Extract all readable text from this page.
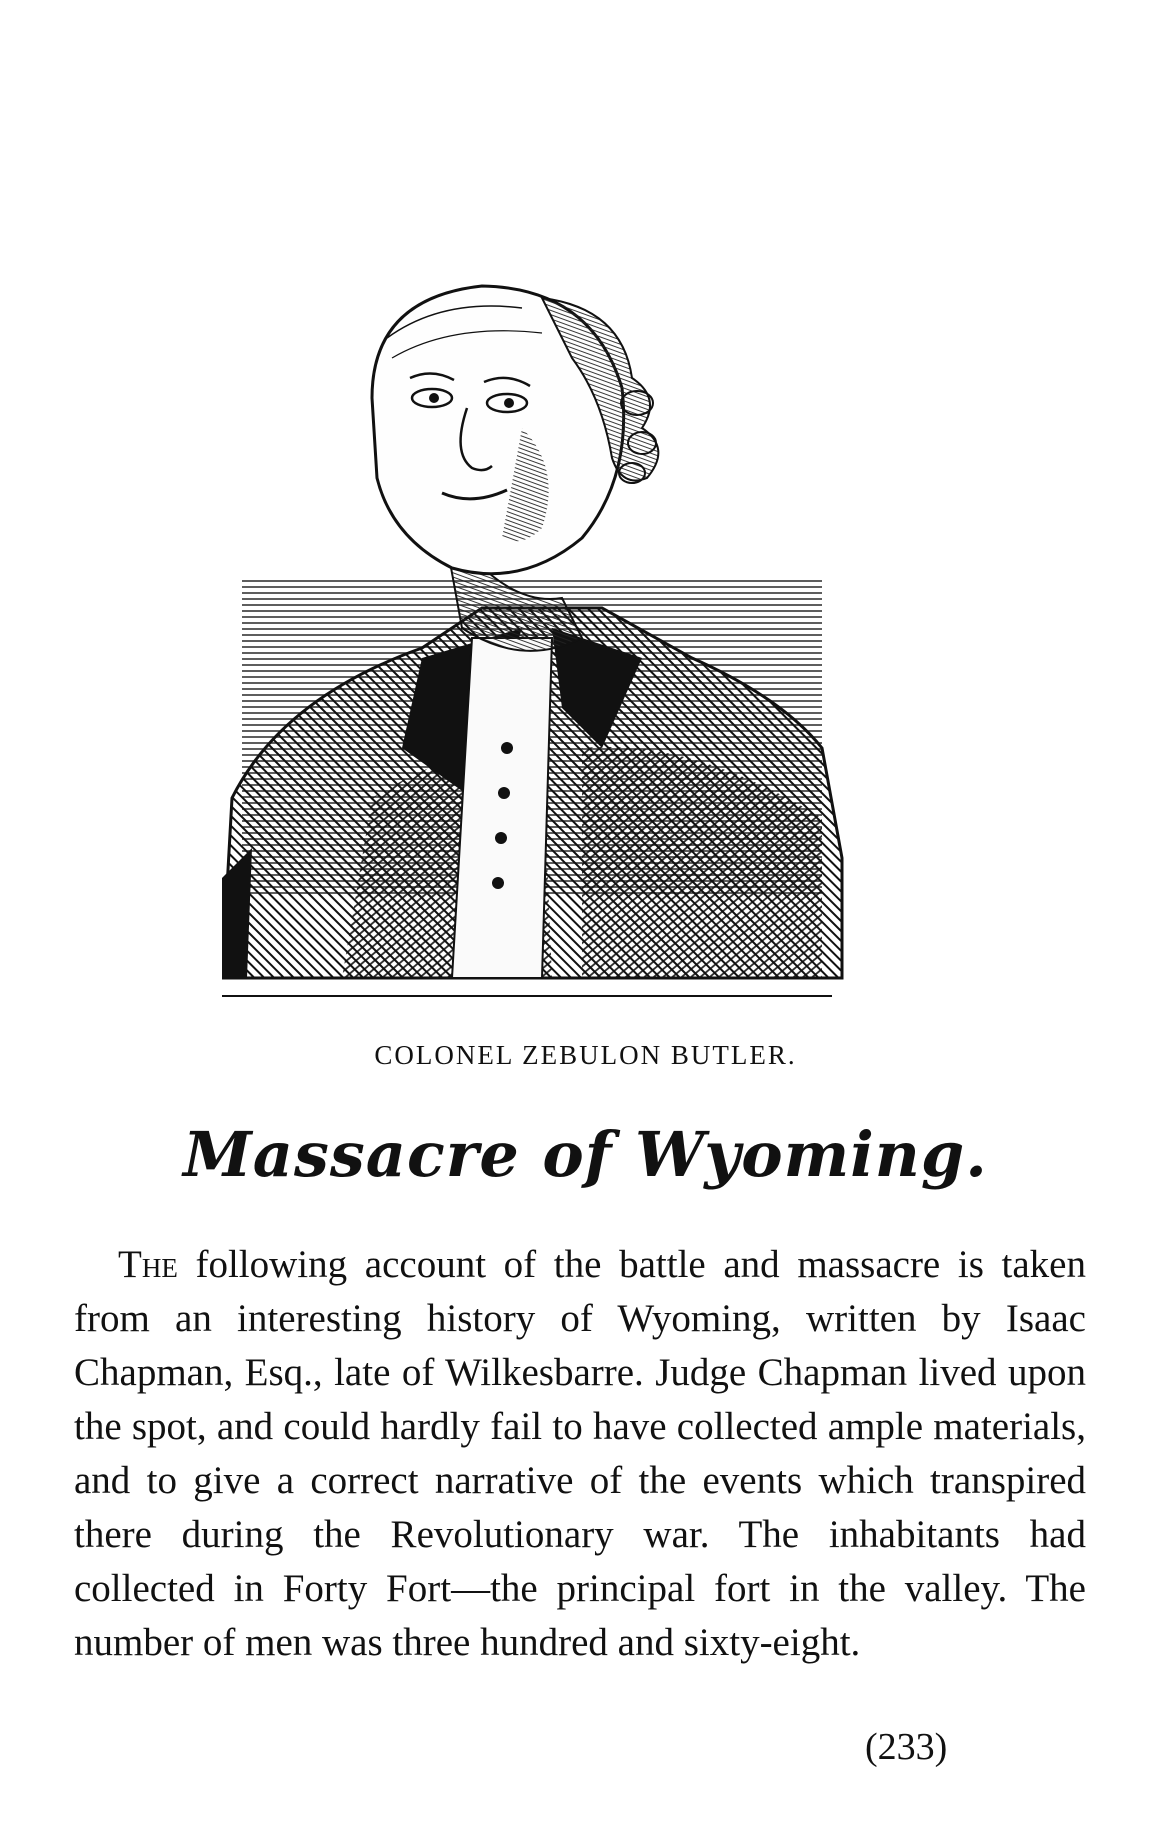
COLONEL ZEBULON BUTLER.
Massacre of Wyoming.

The following account of the battle and massacre is taken from an interesting history of Wyoming, written by Isaac Chapman, Esq., late of Wilkesbarre. Judge Chapman lived upon the spot, and could hardly fail to have collected ample materials, and to give a correct narrative of the events which transpired there during the Revolutionary war. The inhabitants had collected in Forty Fort—the principal fort in the valley. The number of men was three hundred and sixty-eight.

(233)
